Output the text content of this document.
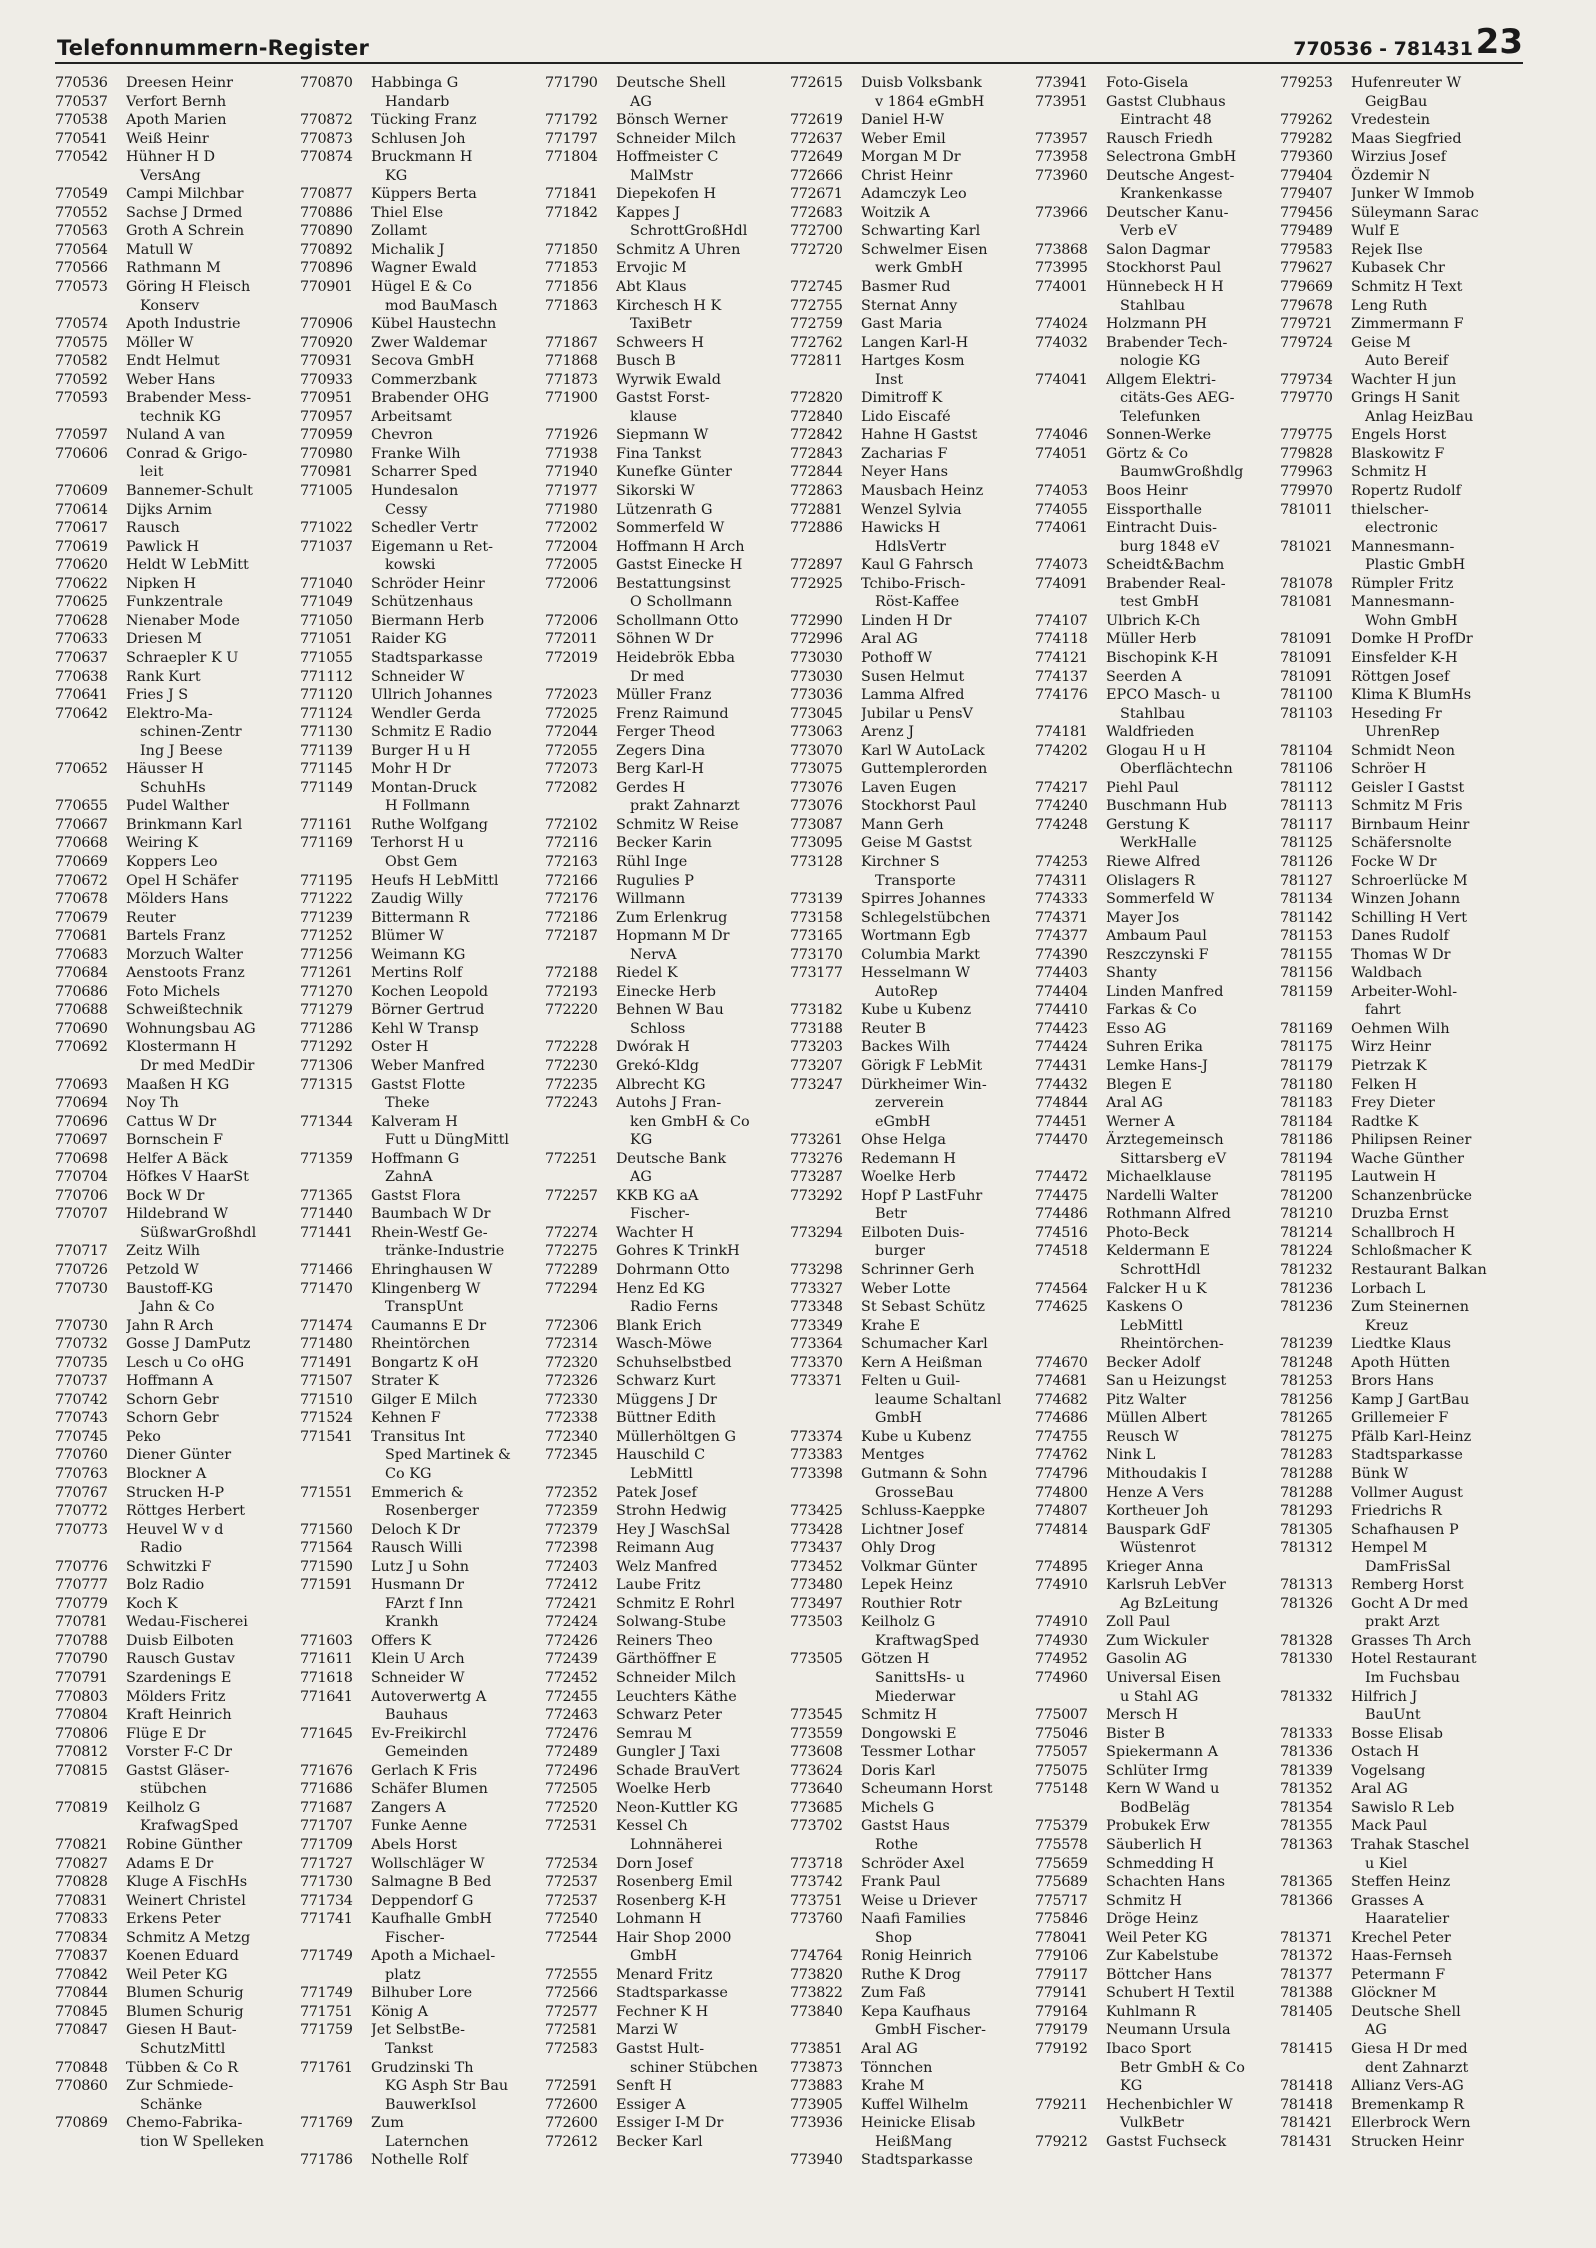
Telefonnummern-Register	770536 - 781431 23
770536	Dreesen Heinr
770537	Verfort Bernh
770538	Apoth Marien
770541	Weiß Heinr
770542	Hühner H D
VersAng
770549	Campi Milchbar
770552	Sachse J Drmed
770563	Groth A Schrein
770564	Matull W
770566	Rathmann M
770573	Göring H Fleisch
Konserv
770574	Apoth Industrie
770575	Möller W
770582	Endt Helmut
770592	Weber Hans
770593	Brabender Mess-
technik KG
770597	Nuland A van
770606	Conrad & Grigo-
leit
770609	Bannemer-Schult
770614	Dijks Arnim
770617	Rausch
770619	Pawlick H
770620	Heldt W LebMitt
770622	Nipken H
770625	Funkzentrale
770628	Nienaber Mode
770633	Driesen M
770637	Schraepler K U
770638	Rank Kurt
770641	Fries J S
770642	Elektro-Ma-
schinen-Zentr
Ing J Beese
770652	Häusser H
SchuhHs
770655	Pudel Walther
770667	Brinkmann Karl
770668	Weiring K
770669	Koppers Leo
770672	Opel H Schäfer
770678	Mölders Hans
770679	Reuter
770681	Bartels Franz
770683	Morzuch Walter
770684	Aenstoots Franz
770686	Foto Michels
770688	Schweißtechnik
770690	Wohnungsbau AG
770692	Klostermann H
Dr med MedDir
770693	Maaßen H KG
770694	Noy Th
770696	Cattus W Dr
770697	Bornschein F
770698	Helfer A Bäck
770704	Höfkes V HaarSt
770706	Bock W Dr
770707	Hildebrand W
SüßwarGroßhdl
770717	Zeitz Wilh
770726	Petzold W
770730	Baustoff-KG
Jahn & Co
770730	Jahn R Arch
770732	Gosse J DamPutz
770735	Lesch u Co oHG
770737	Hoffmann A
770742	Schorn Gebr
770743	Schorn Gebr
770745	Peko
770760	Diener Günter
770763	Blockner A
770767	Strucken H-P
770772	Röttges Herbert
770773	Heuvel W v d
Radio
770776	Schwitzki F
770777	Bolz Radio
770779	Koch K
770781	Wedau-Fischerei
770788	Duisb Eilboten
770790	Rausch Gustav
770791	Szardenings E
770803	Mölders Fritz
770804	Kraft Heinrich
770806	Flüge E Dr
770812	Vorster F-C Dr
770815	Gastst Gläser-
stübchen
770819	Keilholz G
KrafwagSped
770821	Robine Günther
770827	Adams E Dr
770828	Kluge A FischHs
770831	Weinert Christel
770833	Erkens Peter
770834	Schmitz A Metzg
770837	Koenen Eduard
770842	Weil Peter KG
770844	Blumen Schurig
770845	Blumen Schurig
770847	Giesen H Baut-
SchutzMittl
770848	Tübben & Co R
770860	Zur Schmiede-
Schänke
770869	Chemo-Fabrika-
tion W Spelleken
770870	Habbinga G
Handarb
770872	Tücking Franz
770873	Schlusen Joh
770874	Bruckmann H
KG
770877	Küppers Berta
770886	Thiel Else
770890	Zollamt
770892	Michalik J
770896	Wagner Ewald
770901	Hügel E & Co
mod BauMasch
770906	Kübel Haustechn
770920	Zwer Waldemar
770931	Secova GmbH
770933	Commerzbank
770951	Brabender OHG
770957	Arbeitsamt
770959	Chevron
770980	Franke Wilh
770981	Scharrer Sped
771005	Hundesalon
Cessy
771022	Schedler Vertr
771037	Eigemann u Ret-
kowski
771040	Schröder Heinr
771049	Schützenhaus
771050	Biermann Herb
771051	Raider KG
771055	Stadtsparkasse
771112	Schneider W
771120	Ullrich Johannes
771124	Wendler Gerda
771130	Schmitz E Radio
771139	Burger H u H
771145	Mohr H Dr
771149	Montan-Druck
H Follmann
771161	Ruthe Wolfgang
771169	Terhorst H u
Obst Gem
771195	Heufs H LebMittl
771222	Zaudig Willy
771239	Bittermann R
771252	Blümer W
771256	Weimann KG
771261	Mertins Rolf
771270	Kochen Leopold
771279	Börner Gertrud
771286	Kehl W Transp
771292	Oster H
771306	Weber Manfred
771315	Gastst Flotte
Theke
771344	Kalveram H
Futt u DüngMittl
771359	Hoffmann G
ZahnA
771365	Gastst Flora
771440	Baumbach W Dr
771441	Rhein-Westf Ge-
tränke-Industrie
771466	Ehringhausen W
771470	Klingenberg W
TranspUnt
771474	Caumanns E Dr
771480	Rheintörchen
771491	Bongartz K oH
771507	Strater K
771510	Gilger E Milch
771524	Kehnen F
771541	Transitus Int
Sped Martinek &
Co KG
771551	Emmerich &
Rosenberger
771560	Deloch K Dr
771564	Rausch Willi
771590	Lutz J u Sohn
771591	Husmann Dr
FArzt f Inn
Krankh
771603	Offers K
771611	Klein U Arch
771618	Schneider W
771641	Autoverwertg A
Bauhaus
771645	Ev-Freikirchl
Gemeinden
771676	Gerlach K Fris
771686	Schäfer Blumen
771687	Zangers A
771707	Funke Aenne
771709	Abels Horst
771727	Wollschläger W
771730	Salmagne B Bed
771734	Deppendorf G
771741	Kaufhalle GmbH
Fischer-
771749	Apoth a Michael-
platz
771749	Bilhuber Lore
771751	König A
771759	Jet SelbstBe-
Tankst
771761	Grudzinski Th
KG Asph Str Bau
BauwerkIsol
771769	Zum
Laternchen
771786	Nothelle Rolf
771790	Deutsche Shell
AG
771792	Bönsch Werner
771797	Schneider Milch
771804	Hoffmeister C
MalMstr
771841	Diepekofen H
771842	Kappes J
SchrottGroßHdl
771850	Schmitz A Uhren
771853	Ervojic M
771856	Abt Klaus
771863	Kirchesch H K
TaxiBetr
771867	Schweers H
771868	Busch B
771873	Wyrwik Ewald
771900	Gastst Forst-
klause
771926	Siepmann W
771938	Fina Tankst
771940	Kunefke Günter
771977	Sikorski W
771980	Lützenrath G
772002	Sommerfeld W
772004	Hoffmann H Arch
772005	Gastst Einecke H
772006	Bestattungsinst
O Schollmann
772006	Schollmann Otto
772011	Söhnen W Dr
772019	Heidebrök Ebba
Dr med
772023	Müller Franz
772025	Frenz Raimund
772044	Ferger Theod
772055	Zegers Dina
772073	Berg Karl-H
772082	Gerdes H
prakt Zahnarzt
772102	Schmitz W Reise
772116	Becker Karin
772163	Rühl Inge
772166	Rugulies P
772176	Willmann
772186	Zum Erlenkrug
772187	Hopmann M Dr
NervA
772188	Riedel K
772193	Einecke Herb
772220	Behnen W Bau
Schloss
772228	Dwórak H
772230	Grekó-Kldg
772235	Albrecht KG
772243	Autohs J Fran-
ken GmbH & Co
KG
772251	Deutsche Bank
AG
772257	KKB KG aA
Fischer-
772274	Wachter H
772275	Gohres K TrinkH
772289	Dohrmann Otto
772294	Henz Ed KG
Radio Ferns
772306	Blank Erich
772314	Wasch-Möwe
772320	Schuhselbstbed
772326	Schwarz Kurt
772330	Müggens J Dr
772338	Büttner Edith
772340	Müllerhöltgen G
772345	Hauschild C
LebMittl
772352	Patek Josef
772359	Strohn Hedwig
772379	Hey J WaschSal
772398	Reimann Aug
772403	Welz Manfred
772412	Laube Fritz
772421	Schmitz E Rohrl
772424	Solwang-Stube
772426	Reiners Theo
772439	Gärthöffner E
772452	Schneider Milch
772455	Leuchters Käthe
772463	Schwarz Peter
772476	Semrau M
772489	Gungler J Taxi
772496	Schade BrauVert
772505	Woelke Herb
772520	Neon-Kuttler KG
772531	Kessel Ch
Lohnnäherei
772534	Dorn Josef
772537	Rosenberg Emil
772537	Rosenberg K-H
772540	Lohmann H
772544	Hair Shop 2000
GmbH
772555	Menard Fritz
772566	Stadtsparkasse
772577	Fechner K H
772581	Marzi W
772583	Gastst Hult-
schiner Stübchen
772591	Senft H
772600	Essiger A
772600	Essiger I-M Dr
772612	Becker Karl
772615	Duisb Volksbank
v 1864 eGmbH
772619	Daniel H-W
772637	Weber Emil
772649	Morgan M Dr
772666	Christ Heinr
772671	Adamczyk Leo
772683	Woitzik A
772700	Schwarting Karl
772720	Schwelmer Eisen
werk GmbH
772745	Basmer Rud
772755	Sternat Anny
772759	Gast Maria
772762	Langen Karl-H
772811	Hartges Kosm
Inst
772820	Dimitroff K
772840	Lido Eiscafé
772842	Hahne H Gastst
772843	Zacharias F
772844	Neyer Hans
772863	Mausbach Heinz
772881	Wenzel Sylvia
772886	Hawicks H
HdlsVertr
772897	Kaul G Fahrsch
772925	Tchibo-Frisch-
Röst-Kaffee
772990	Linden H Dr
772996	Aral AG
773030	Pothoff W
773030	Susen Helmut
773036	Lamma Alfred
773045	Jubilar u PensV
773063	Arenz J
773070	Karl W AutoLack
773075	Guttemplerorden
773076	Laven Eugen
773076	Stockhorst Paul
773087	Mann Gerh
773095	Geise M Gastst
773128	Kirchner S
Transporte
773139	Spirres Johannes
773158	Schlegelstübchen
773165	Wortmann Egb
773170	Columbia Markt
773177	Hesselmann W
AutoRep
773182	Kube u Kubenz
773188	Reuter B
773203	Backes Wilh
773207	Görigk F LebMit
773247	Dürkheimer Win-
zerverein
eGmbH
773261	Ohse Helga
773276	Redemann H
773287	Woelke Herb
773292	Hopf P LastFuhr
Betr
773294	Eilboten Duis-
burger
773298	Schrinner Gerh
773327	Weber Lotte
773348	St Sebast Schütz
773349	Krahe E
773364	Schumacher Karl
773370	Kern A Heißman
773371	Felten u Guil-
leaume Schaltanl
GmbH
773374	Kube u Kubenz
773383	Mentges
773398	Gutmann & Sohn
GrosseBau
773425	Schluss-Kaeppke
773428	Lichtner Josef
773437	Ohly Drog
773452	Volkmar Günter
773480	Lepek Heinz
773497	Routhier Rotr
773503	Keilholz G
KraftwagSped
773505	Götzen H
SanittsHs- u
Miederwar
773545	Schmitz H
773559	Dongowski E
773608	Tessmer Lothar
773624	Doris Karl
773640	Scheumann Horst
773685	Michels G
773702	Gastst Haus
Rothe
773718	Schröder Axel
773742	Frank Paul
773751	Weise u Driever
773760	Naafi Families
Shop
774764	Ronig Heinrich
773820	Ruthe K Drog
773822	Zum Faß
773840	Kepa Kaufhaus
GmbH Fischer-
773851	Aral AG
773873	Tönnchen
773883	Krahe M
773905	Kuffel Wilhelm
773936	Heinicke Elisab
HeißMang
773940	Stadtsparkasse
773941	Foto-Gisela
773951	Gastst Clubhaus
Eintracht 48
773957	Rausch Friedh
773958	Selectrona GmbH
773960	Deutsche Angest-
Krankenkasse
773966	Deutscher Kanu-
Verb eV
773868	Salon Dagmar
773995	Stockhorst Paul
774001	Hünnebeck H H
Stahlbau
774024	Holzmann PH
774032	Brabender Tech-
nologie KG
774041	Allgem Elektri-
citäts-Ges AEG-
Telefunken
774046	Sonnen-Werke
774051	Görtz & Co
BaumwGroßhdlg
774053	Boos Heinr
774055	Eissporthalle
774061	Eintracht Duis-
burg 1848 eV
774073	Scheidt&Bachm
774091	Brabender Real-
test GmbH
774107	Ulbrich K-Ch
774118	Müller Herb
774121	Bischopink K-H
774137	Seerden A
774176	EPCO Masch- u
Stahlbau
774181	Waldfrieden
774202	Glogau H u H
Oberflächtechn
774217	Piehl Paul
774240	Buschmann Hub
774248	Gerstung K
WerkHalle
774253	Riewe Alfred
774311	Olislagers R
774333	Sommerfeld W
774371	Mayer Jos
774377	Ambaum Paul
774390	Reszczynski F
774403	Shanty
774404	Linden Manfred
774410	Farkas & Co
774423	Esso AG
774424	Suhren Erika
774431	Lemke Hans-J
774432	Blegen E
774844	Aral AG
774451	Werner A
774470	Ärztegemeinsch
Sittarsberg eV
774472	Michaelklause
774475	Nardelli Walter
774486	Rothmann Alfred
774516	Photo-Beck
774518	Keldermann E
SchrottHdl
774564	Falcker H u K
774625	Kaskens O
LebMittl
Rheintörchen-
774670	Becker Adolf
774681	San u Heizungst
774682	Pitz Walter
774686	Müllen Albert
774755	Reusch W
774762	Nink L
774796	Mithoudakis I
774800	Henze A Vers
774807	Kortheuer Joh
774814	Bauspark GdF
Wüstenrot
774895	Krieger Anna
774910	Karlsruh LebVer
Ag BzLeitung
774910	Zoll Paul
774930	Zum Wickuler
774952	Gasolin AG
774960	Universal Eisen
u Stahl AG
775007	Mersch H
775046	Bister B
775057	Spiekermann A
775075	Schlüter Irmg
775148	Kern W Wand u
BodBeläg
775379	Probukek Erw
775578	Säuberlich H
775659	Schmedding H
775689	Schachten Hans
775717	Schmitz H
775846	Dröge Heinz
778041	Weil Peter KG
779106	Zur Kabelstube
779117	Böttcher Hans
779141	Schubert H Textil
779164	Kuhlmann R
779179	Neumann Ursula
779192	Ibaco Sport
Betr GmbH & Co
KG
779211	Hechenbichler W
VulkBetr
779212	Gastst Fuchseck
779253	Hufenreuter W
GeigBau
779262	Vredestein
779282	Maas Siegfried
779360	Wirzius Josef
779404	Özdemir N
779407	Junker W Immob
779456	Süleymann Sarac
779489	Wulf E
779583	Rejek Ilse
779627	Kubasek Chr
779669	Schmitz H Text
779678	Leng Ruth
779721	Zimmermann F
779724	Geise M
Auto Bereif
779734	Wachter H jun
779770	Grings H Sanit
Anlag HeizBau
779775	Engels Horst
779828	Blaskowitz F
779963	Schmitz H
779970	Ropertz Rudolf
781011	thielscher-
electronic
781021	Mannesmann-
Plastic GmbH
781078	Rümpler Fritz
781081	Mannesmann-
Wohn GmbH
781091	Domke H ProfDr
781091	Einsfelder K-H
781091	Röttgen Josef
781100	Klima K BlumHs
781103	Heseding Fr
UhrenRep
781104	Schmidt Neon
781106	Schröer H
781112	Geisler I Gastst
781113	Schmitz M Fris
781117	Birnbaum Heinr
781125	Schäfersnolte
781126	Focke W Dr
781127	Schroerlücke M
781134	Winzen Johann
781142	Schilling H Vert
781153	Danes Rudolf
781155	Thomas W Dr
781156	Waldbach
781159	Arbeiter-Wohl-
fahrt
781169	Oehmen Wilh
781175	Wirz Heinr
781179	Pietrzak K
781180	Felken H
781183	Frey Dieter
781184	Radtke K
781186	Philipsen Reiner
781194	Wache Günther
781195	Lautwein H
781200	Schanzenbrücke
781210	Druzba Ernst
781214	Schallbroch H
781224	Schloßmacher K
781232	Restaurant Balkan
781236	Lorbach L
781236	Zum Steinernen
Kreuz
781239	Liedtke Klaus
781248	Apoth Hütten
781253	Brors Hans
781256	Kamp J GartBau
781265	Grillemeier F
781275	Pfälb Karl-Heinz
781283	Stadtsparkasse
781288	Bünk W
781288	Vollmer August
781293	Friedrichs R
781305	Schafhausen P
781312	Hempel M
DamFrisSal
781313	Remberg Horst
781326	Gocht A Dr med
prakt Arzt
781328	Grasses Th Arch
781330	Hotel Restaurant
Im Fuchsbau
781332	Hilfrich J
BauUnt
781333	Bosse Elisab
781336	Ostach H
781339	Vogelsang
781352	Aral AG
781354	Sawislo R Leb
781355	Mack Paul
781363	Trahak Staschel
u Kiel
781365	Steffen Heinz
781366	Grasses A
Haaratelier
781371	Krechel Peter
781372	Haas-Fernseh
781377	Petermann F
781388	Glöckner M
781405	Deutsche Shell
AG
781415	Giesa H Dr med
dent Zahnarzt
781418	Allianz Vers-AG
781418	Bremenkamp R
781421	Ellerbrock Wern
781431	Strucken Heinr
